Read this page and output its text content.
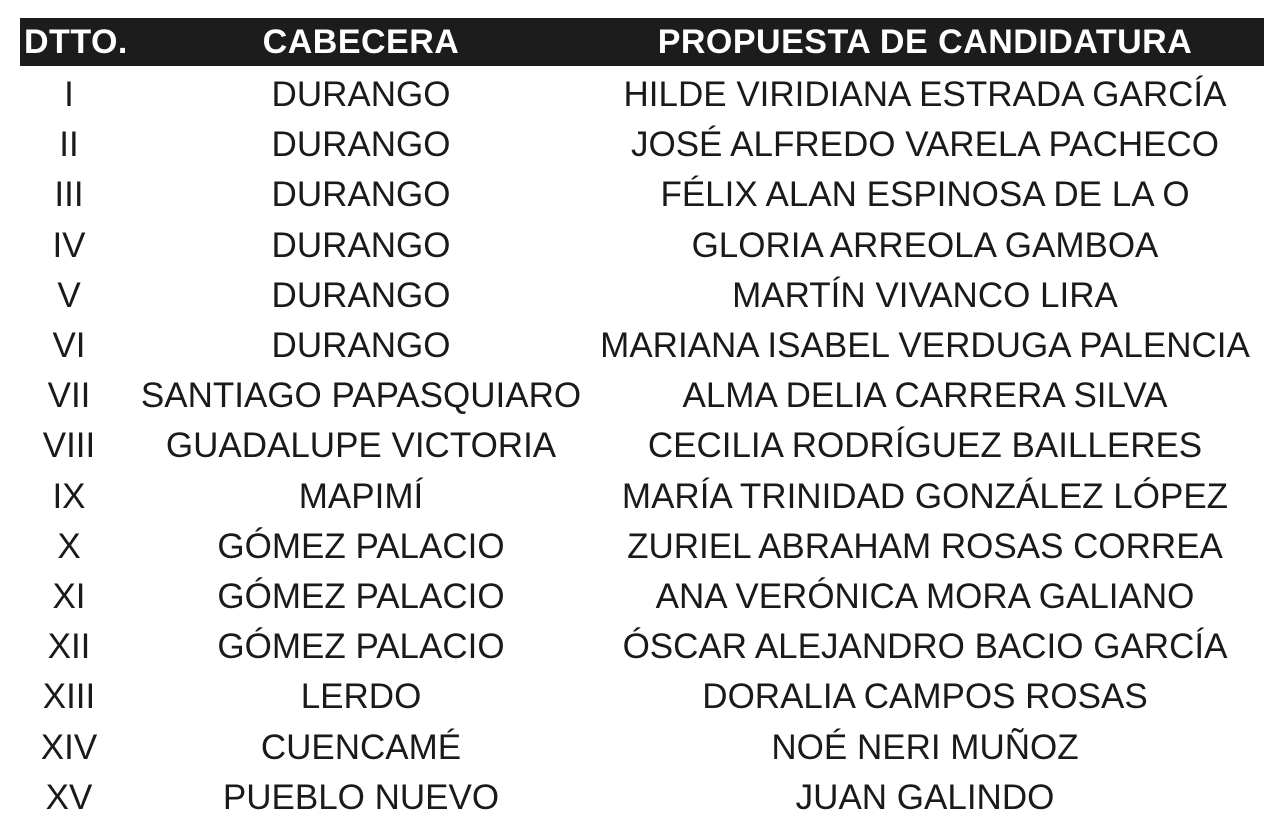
DTTO.	CABECERA	PROPUESTA DE CANDIDATURA
I	DURANGO	HILDE VIRIDIANA ESTRADA GARCÍA
II	DURANGO	JOSÉ ALFREDO VARELA PACHECO
III	DURANGO	FÉLIX ALAN ESPINOSA DE LA O
IV	DURANGO	GLORIA ARREOLA GAMBOA
V	DURANGO	MARTÍN VIVANCO LIRA
VI	DURANGO	MARIANA ISABEL VERDUGA PALENCIA
VII	SANTIAGO PAPASQUIARO	ALMA DELIA CARRERA SILVA
VIII	GUADALUPE VICTORIA	CECILIA RODRÍGUEZ BAILLERES
IX	MAPIMÍ	MARÍA TRINIDAD GONZÁLEZ LÓPEZ
X	GÓMEZ PALACIO	ZURIEL ABRAHAM ROSAS CORREA
XI	GÓMEZ PALACIO	ANA VERÓNICA MORA GALIANO
XII	GÓMEZ PALACIO	ÓSCAR ALEJANDRO BACIO GARCÍA
XIII	LERDO	DORALIA CAMPOS ROSAS
XIV	CUENCAMÉ	NOÉ NERI MUÑOZ
XV	PUEBLO NUEVO	JUAN GALINDO
